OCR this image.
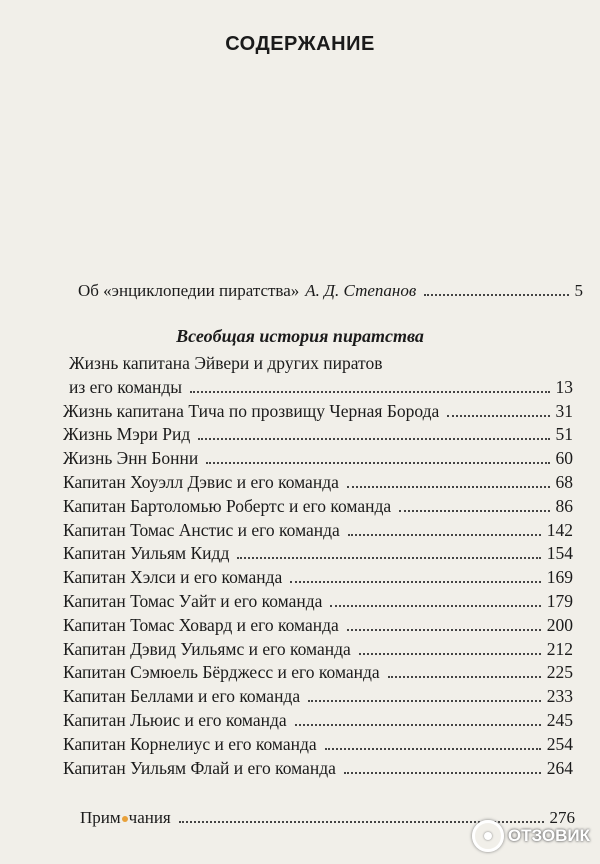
СОДЕРЖАНИЕ
Об «энциклопедии пиратства» А. Д. Степанов	5
Всеобщая история пиратства
Жизнь капитана Эйвери и других пиратов
из его команды	13
Жизнь капитана Тича по прозвищу Черная Борода	31
Жизнь Мэри Рид	51
Жизнь Энн Бонни	60
Капитан Хоуэлл Дэвис и его команда	68
Капитан Бартоломью Робертс и его команда	86
Капитан Томас Анстис и его команда	142
Капитан Уильям Кидд	154
Капитан Хэлси и его команда	169
Капитан Томас Уайт и его команда	179
Капитан Томас Ховард и его команда	200
Капитан Дэвид Уильямс и его команда	212
Капитан Сэмюель Бёрджесс и его команда	225
Капитан Беллами и его команда	233
Капитан Льюис и его команда	245
Капитан Корнелиус и его команда	254
Капитан Уильям Флай и его команда	264
Прим чания	276
ОТЗОВИК
